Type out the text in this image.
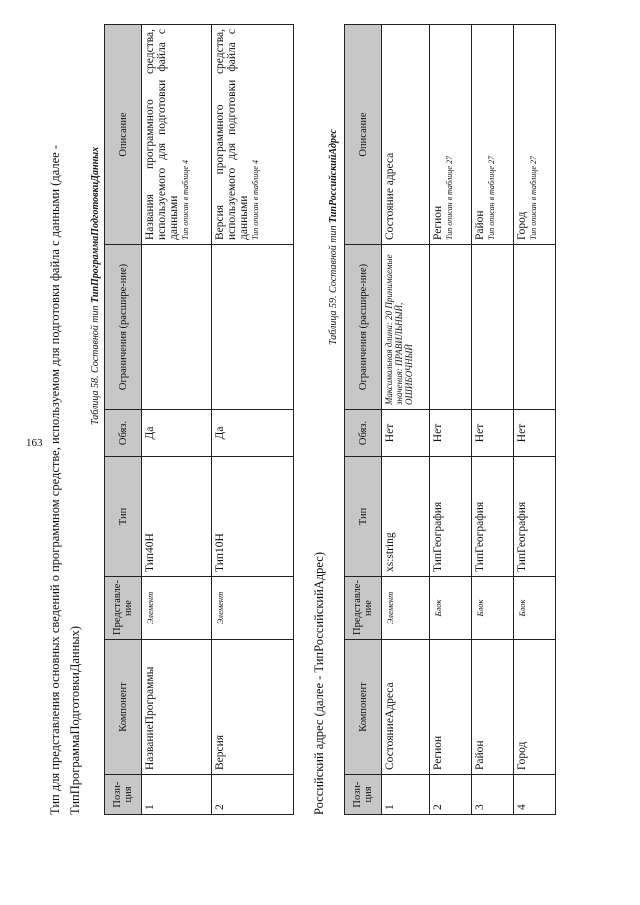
163 Тип для представления основных сведений о программном средстве, используемом для подготовки файла с данными (далее - ТипПрограммаПодготовкиДанных)
Таблица 58. Составной тип ТипПрограммаПодготовкиДанных
Пози-ция	Компонент	Представле-ние	Тип	Обяз.	Ограничения (расшире-ние)	Описание
1	НазваниеПрограммы	Элемент	Тип40Н	Да		Названия программного средства, используемого для подготовки файла с данными Тип описан в таблице 4

2	Версия	Элемент	Тип10Н	Да		Версия программного средства, используемого для подготовки файла с данными Тип описан в таблице 4
Российский адрес (далее - ТипРоссийскийАдрес)
Таблица 59. Составной тип ТипРоссийскийАдрес
Пози-ция	Компонент	Представле-ние	Тип	Обяз.	Ограничения (расшире-ние)	Описание
1	СостояниеАдреса	Элемент	xs:string	Нет	Максимальная длина: 20 Принимаемые значения: ПРАВИЛЬНЫЙ, ОШИБОЧНЫЙ	Состояние адреса

2	Регион	Блок	ТипГеография	Нет		Регион Тип описан в таблице 27

3	Район	Блок	ТипГеография	Нет		Район Тип описан в таблице 27

4	Город	Блок	ТипГеография	Нет		Город Тип описан в таблице 27
